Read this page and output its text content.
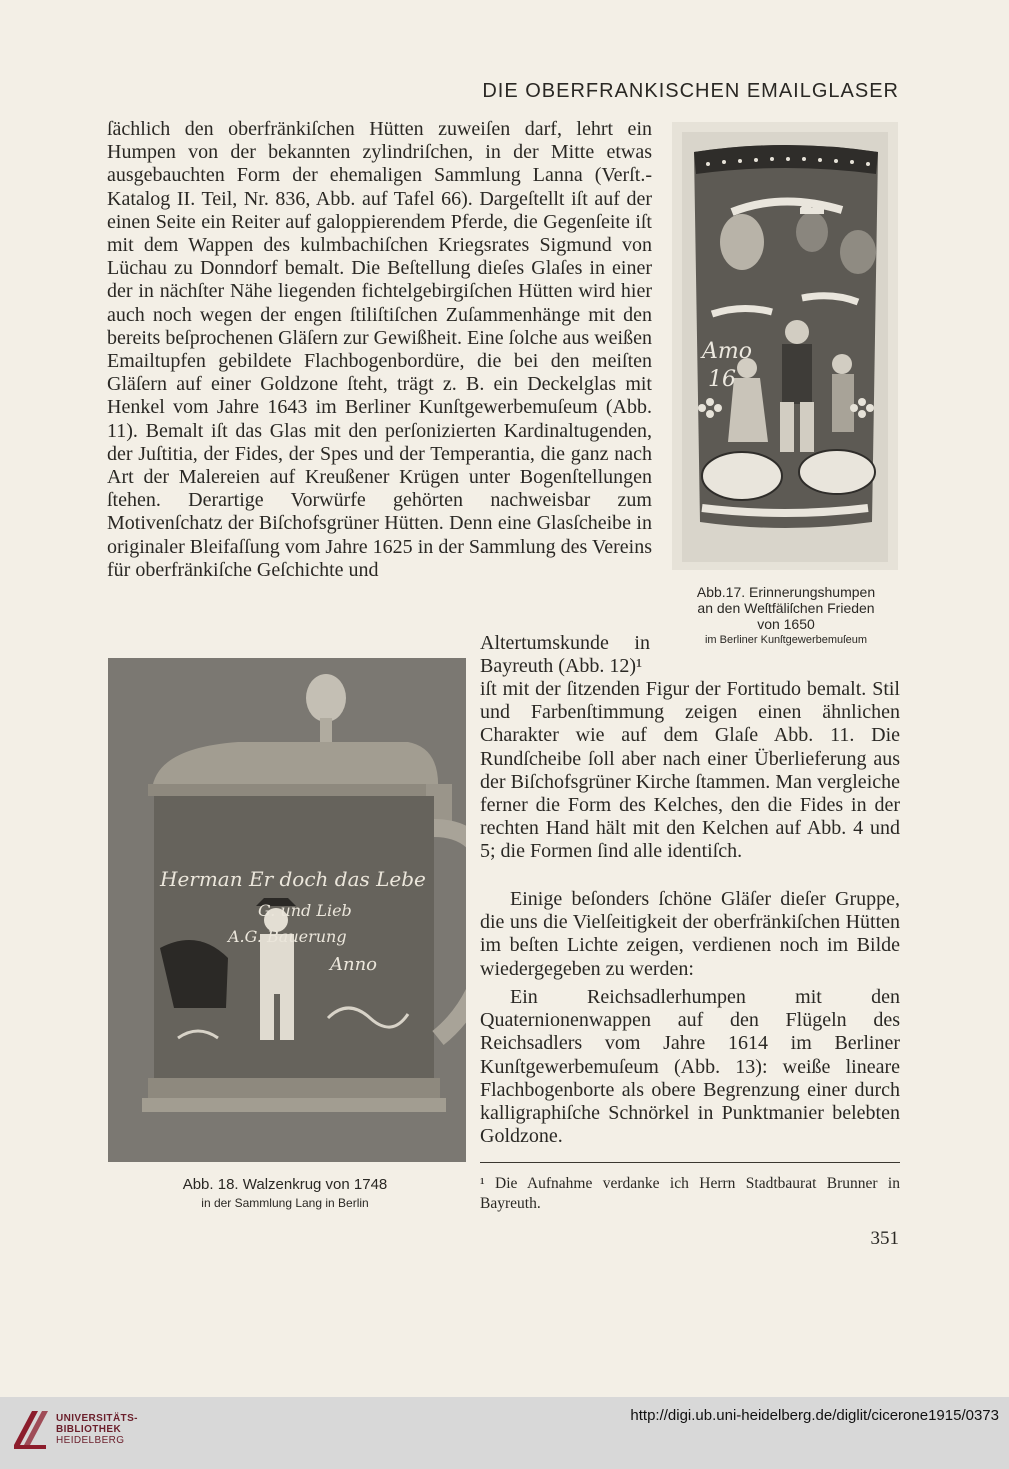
DIE OBERFRANKISCHEN EMAILGLASER

ſächlich den oberfränkiſchen Hütten zuweiſen darf, lehrt ein Humpen von der bekannten zylindriſchen, in der Mitte etwas ausgebauchten Form der ehemaligen Sammlung Lanna (Verſt.-Katalog II. Teil, Nr. 836, Abb. auf Tafel 66). Dargeſtellt iſt auf der einen Seite ein Reiter auf galoppierendem Pferde, die Gegenſeite iſt mit dem Wappen des kulmbachiſchen Kriegsrates Sigmund von Lüchau zu Donndorf bemalt. Die Beſtellung dieſes Glaſes in einer der in nächſter Nähe liegenden fichtelgebirgiſchen Hütten wird hier auch noch wegen der engen ſtiliſtiſchen Zuſammenhänge mit den bereits beſprochenen Gläſern zur Gewißheit. Eine ſolche aus weißen Emailtupfen gebildete Flachbogenbordüre, die bei den meiſten Gläſern auf einer Goldzone ſteht, trägt z. B. ein Deckelglas mit Henkel vom Jahre 1643 im Berliner Kunſtgewerbemuſeum (Abb. 11). Bemalt iſt das Glas mit den perſonizierten Kardinaltugenden, der Juſtitia, der Fides, der Spes und der Temperantia, die ganz nach Art der Malereien auf Kreußener Krügen unter Bogenſtellungen ſtehen. Derartige Vorwürfe gehörten nachweisbar zum Motivenſchatz der Biſchofsgrüner Hütten. Denn eine Glasſcheibe in originaler Bleifaſſung vom Jahre 1625 in der Sammlung des Vereins für oberfränkiſche Geſchichte und

Amo
16
Abb.17. Erinnerungshumpen
an den Weſtfäliſchen Frieden
von 1650
im Berliner Kunſtgewerbemuſeum

Altertumskunde in Bayreuth (Abb. 12)¹

Herman Er doch das Lebe
G. und Lieb
A.G. Bauerung
Anno
Abb. 18. Walzenkrug von 1748
in der Sammlung Lang in Berlin

iſt mit der ſitzenden Figur der Fortitudo bemalt. Stil und Farbenſtimmung zeigen einen ähnlichen Charakter wie auf dem Glaſe Abb. 11. Die Rundſcheibe ſoll aber nach einer Überlieferung aus der Biſchofsgrüner Kirche ſtammen. Man vergleiche ferner die Form des Kelches, den die Fides in der rechten Hand hält mit den Kelchen auf Abb. 4 und 5; die Formen ſind alle identiſch.

Einige beſonders ſchöne Gläſer dieſer Gruppe, die uns die Vielſeitigkeit der oberfränkiſchen Hütten im beſten Lichte zeigen, verdienen noch im Bilde wiedergegeben zu werden:

Ein Reichsadlerhumpen mit den Quaternionenwappen auf den Flügeln des Reichsadlers vom Jahre 1614 im Berliner Kunſtgewerbemuſeum (Abb. 13): weiße lineare Flachbogenborte als obere Begrenzung einer durch kalligraphiſche Schnörkel in Punktmanier belebten Goldzone.

¹ Die Aufnahme verdanke ich Herrn Stadtbaurat Brunner in Bayreuth.
351
UNIVERSITÄTS-
BIBLIOTHEK
HEIDELBERG
http://digi.ub.uni-heidelberg.de/diglit/cicerone1915/0373
